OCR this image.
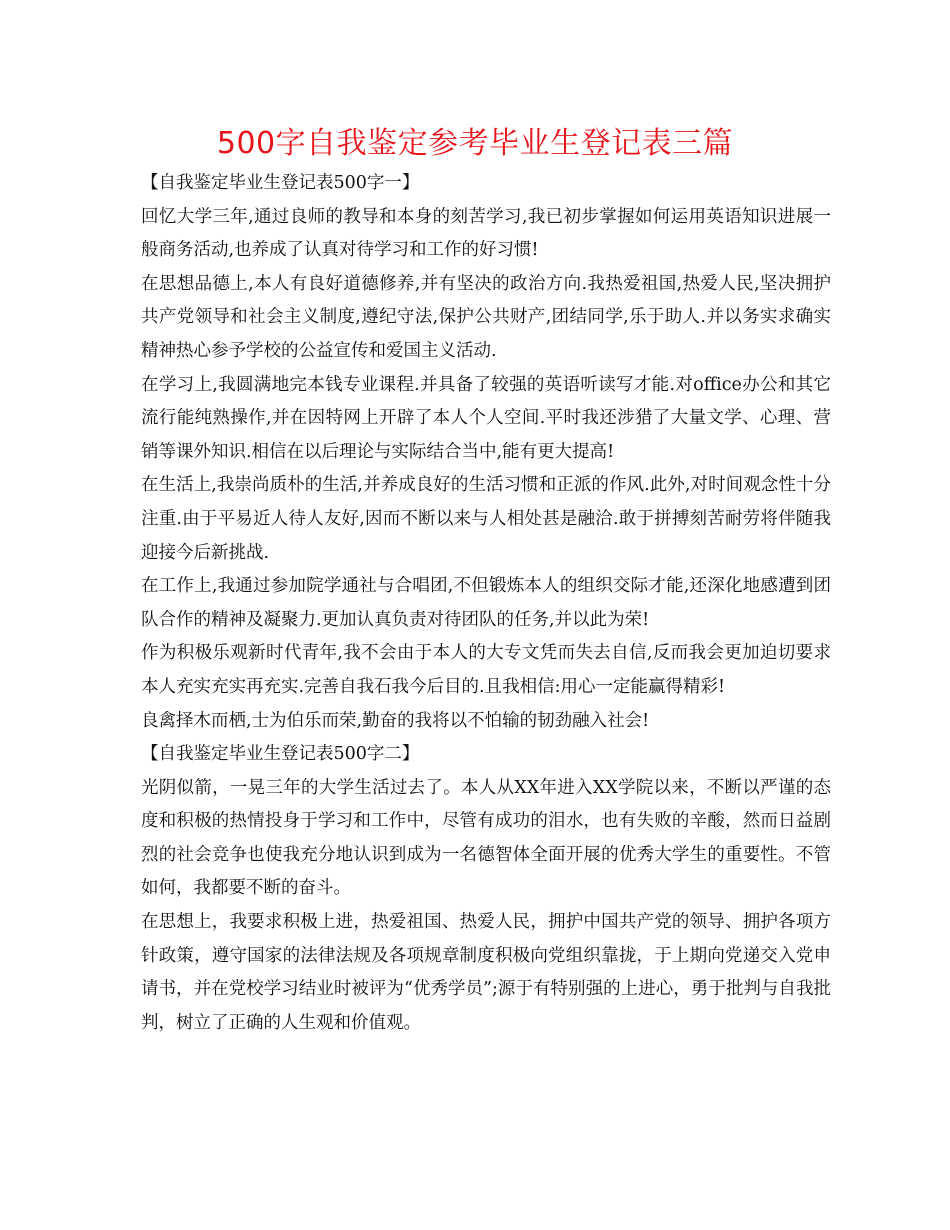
500字自我鉴定参考毕业生登记表三篇

【自我鉴定毕业生登记表500字一】

回忆大学三年,通过良师的教导和本身的刻苦学习,我已初步掌握如何运用英语知识进展一般商务活动,也养成了认真对待学习和工作的好习惯!

在思想品德上,本人有良好道德修养,并有坚决的政治方向.我热爱祖国,热爱人民,坚决拥护共产党领导和社会主义制度,遵纪守法,保护公共财产,团结同学,乐于助人.并以务实求确实精神热心参予学校的公益宣传和爱国主义活动.

在学习上,我圆满地完本钱专业课程.并具备了较强的英语听读写才能.对office办公和其它流行能纯熟操作,并在因特网上开辟了本人个人空间.平时我还涉猎了大量文学、心理、营销等课外知识.相信在以后理论与实际结合当中,能有更大提高!

在生活上,我崇尚质朴的生活,并养成良好的生活习惯和正派的作风.此外,对时间观念性十分注重.由于平易近人待人友好,因而不断以来与人相处甚是融洽.敢于拼搏刻苦耐劳将伴随我迎接今后新挑战.

在工作上,我通过参加院学通社与合唱团,不但锻炼本人的组织交际才能,还深化地感遭到团队合作的精神及凝聚力.更加认真负责对待团队的任务,并以此为荣!

作为积极乐观新时代青年,我不会由于本人的大专文凭而失去自信,反而我会更加迫切要求本人充实充实再充实.完善自我石我今后目的.且我相信:用心一定能赢得精彩!

良禽择木而栖,士为伯乐而荣,勤奋的我将以不怕输的韧劲融入社会!

【自我鉴定毕业生登记表500字二】

光阴似箭，一晃三年的大学生活过去了。本人从XX年进入XX学院以来，不断以严谨的态度和积极的热情投身于学习和工作中，尽管有成功的泪水，也有失败的辛酸，然而日益剧烈的社会竞争也使我充分地认识到成为一名德智体全面开展的优秀大学生的重要性。不管如何，我都要不断的奋斗。

在思想上，我要求积极上进，热爱祖国、热爱人民，拥护中国共产党的领导、拥护各项方针政策，遵守国家的法律法规及各项规章制度积极向党组织靠拢，于上期向党递交入党申请书，并在党校学习结业时被评为“优秀学员”;源于有特别强的上进心，勇于批判与自我批判，树立了正确的人生观和价值观。
